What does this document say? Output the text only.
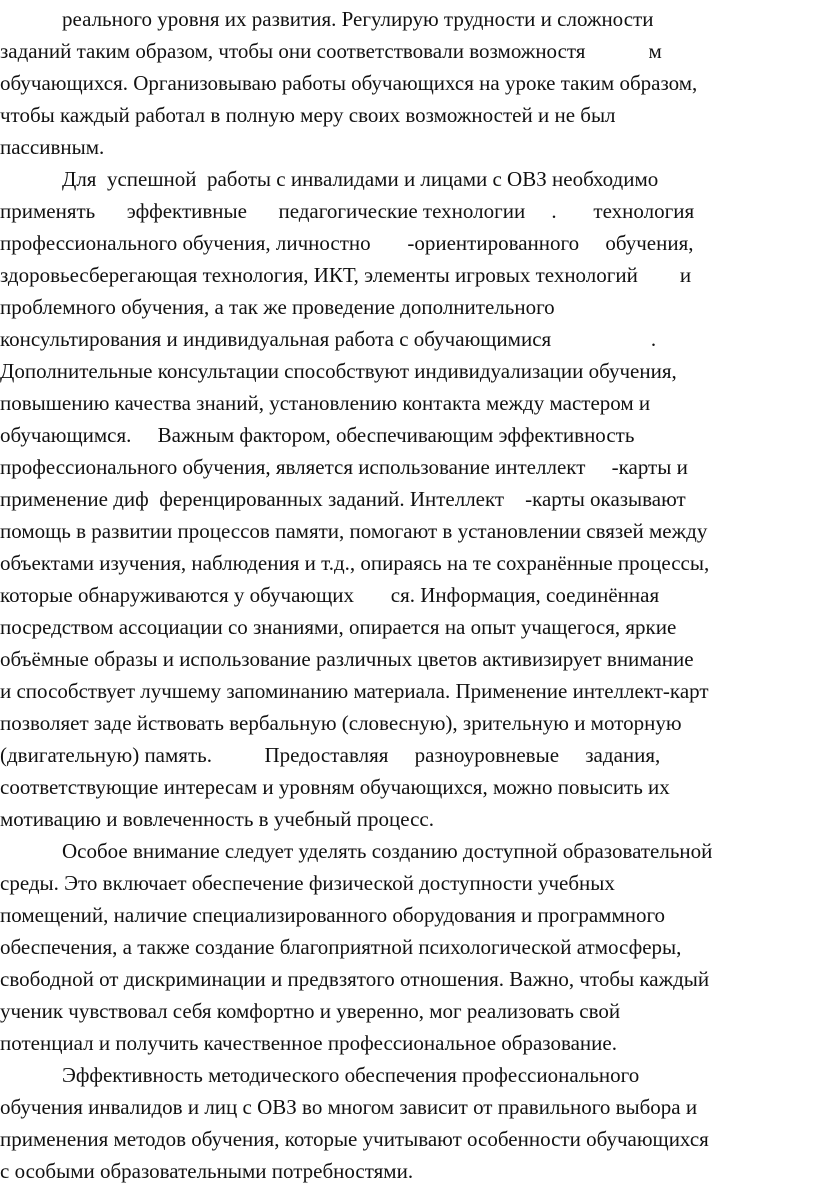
реального уровня их развития. Регулирую трудности и сложности
заданий таким образом, чтобы они соответствовали возможностя            м
обучающихся. Организовываю работы обучающихся на уроке таким образом,
чтобы каждый работал в полную меру своих возможностей и не был
пассивным.
Для  успешной  работы с инвалидами и лицами с ОВЗ необходимо
применять      эффективные      педагогические технологии     .       технология
профессионального обучения, личностно       -ориентированного     обучения,
здоровьесберегающая технология, ИКТ, элементы игровых технологий        и
проблемного обучения, а так же проведение дополнительного
консультирования и индивидуальная работа с обучающимися                   .
Дополнительные консультации способствуют индивидуализации обучения,
повышению качества знаний, установлению контакта между мастером и
обучающимся.     Важным фактором, обеспечивающим эффективность
профессионального обучения, является использование интеллект     -карты и
применение диф  ференцированных заданий. Интеллект    -карты оказывают
помощь в развитии процессов памяти, помогают в установлении связей между
объектами изучения, наблюдения и т.д., опираясь на те сохранённые процессы,
которые обнаруживаются у обучающих       ся. Информация, соединённая
посредством ассоциации со знаниями, опирается на опыт учащегося, яркие
объёмные образы и использование различных цветов активизирует внимание
и способствует лучшему запоминанию материала. Применение интеллект-карт
позволяет заде йствовать вербальную (словесную), зрительную и моторную
(двигательную) память.          Предоставляя     разноуровневые     задания,
соответствующие интересам и уровням обучающихся, можно повысить их
мотивацию и вовлеченность в учебный процесс.
Особое внимание следует уделять созданию доступной образовательной
среды. Это включает обеспечение физической доступности учебных
помещений, наличие специализированного оборудования и программного
обеспечения, а также создание благоприятной психологической атмосферы,
свободной от дискриминации и предвзятого отношения. Важно, чтобы каждый
ученик чувствовал себя комфортно и уверенно, мог реализовать свой
потенциал и получить качественное профессиональное образование.
Эффективность методического обеспечения профессионального
обучения инвалидов и лиц с ОВЗ во многом зависит от правильного выбора и
применения методов обучения, которые учитывают особенности обучающихся
с особыми образовательными потребностями.
